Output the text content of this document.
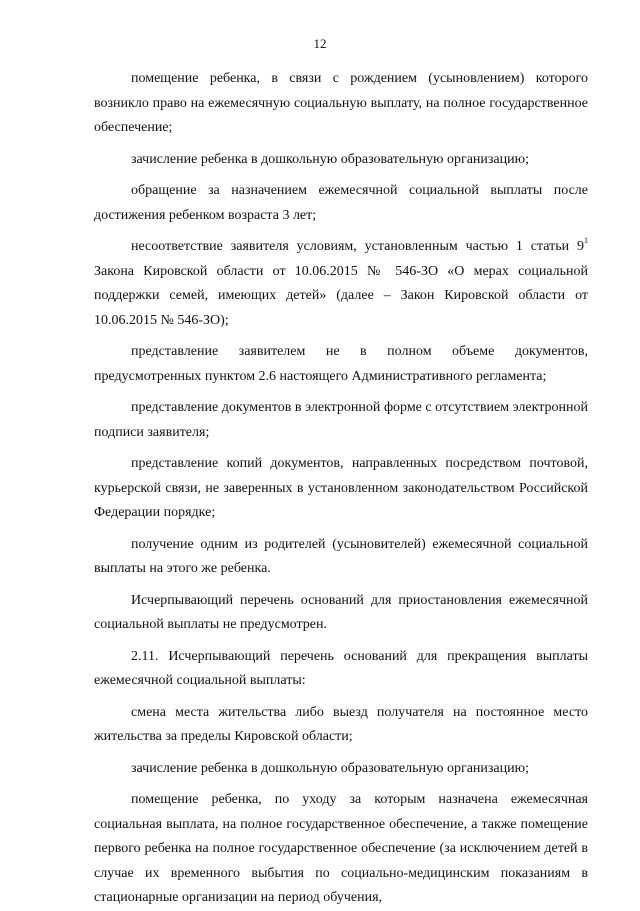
12

помещение ребенка, в связи с рождением (усыновлением) которого возникло право на ежемесячную социальную выплату, на полное государственное обеспечение;

зачисление ребенка в дошкольную образовательную организацию;

обращение за назначением ежемесячной социальной выплаты после достижения ребенком возраста 3 лет;

несоответствие заявителя условиям, установленным частью 1 статьи $9^1$ Закона Кировской области от 10.06.2015 № 546-ЗО «О мерах социальной поддержки семей, имеющих детей» (далее – Закон Кировской области от 10.06.2015 № 546-ЗО);

представление заявителем не в полном объеме документов, предусмотренных пунктом 2.6 настоящего Административного регламента;

представление документов в электронной форме с отсутствием электронной подписи заявителя;

представление копий документов, направленных посредством почтовой, курьерской связи, не заверенных в установленном законодательством Российской Федерации порядке;

получение одним из родителей (усыновителей) ежемесячной социальной выплаты на этого же ребенка.

Исчерпывающий перечень оснований для приостановления ежемесячной социальной выплаты не предусмотрен.

2.11. Исчерпывающий перечень оснований для прекращения выплаты ежемесячной социальной выплаты:

смена места жительства либо выезд получателя на постоянное место жительства за пределы Кировской области;

зачисление ребенка в дошкольную образовательную организацию;

помещение ребенка, по уходу за которым назначена ежемесячная социальная выплата, на полное государственное обеспечение, а также помещение первого ребенка на полное государственное обеспечение (за исключением детей в случае их временного выбытия по социально-медицинским показаниям в стационарные организации на период обучения,
